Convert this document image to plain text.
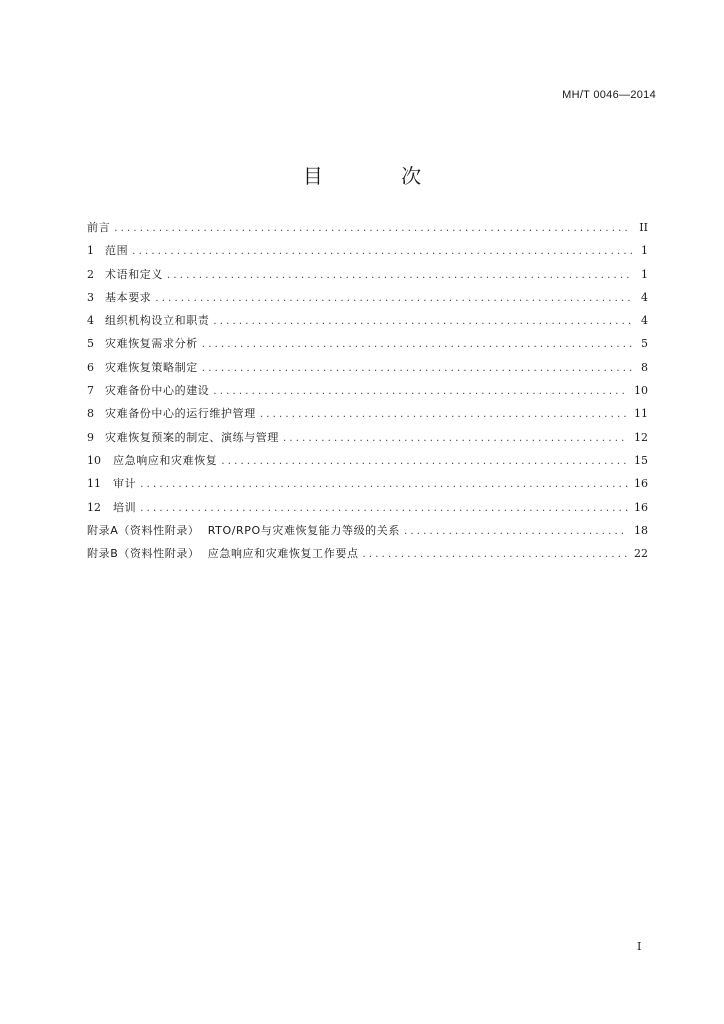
MH/T 0046—2014
目 次
前言 .....	II
1	范围 .....	1
2	术语和定义 .....	1
3	基本要求 .....	4
4	组织机构设立和职责 .....	4
5	灾难恢复需求分析 .....	5
6	灾难恢复策略制定 .....	8
7	灾难备份中心的建设 .....	10
8	灾难备份中心的运行维护管理 .....	11
9	灾难恢复预案的制定、演练与管理 .....	12
10	应急响应和灾难恢复 .....	15
11	审计 .....	16
12	培训 .....	16
附录A（资料性附录）  RTO/RPO与灾难恢复能力等级的关系 .....	18
附录B（资料性附录）  应急响应和灾难恢复工作要点 .....	22
I
